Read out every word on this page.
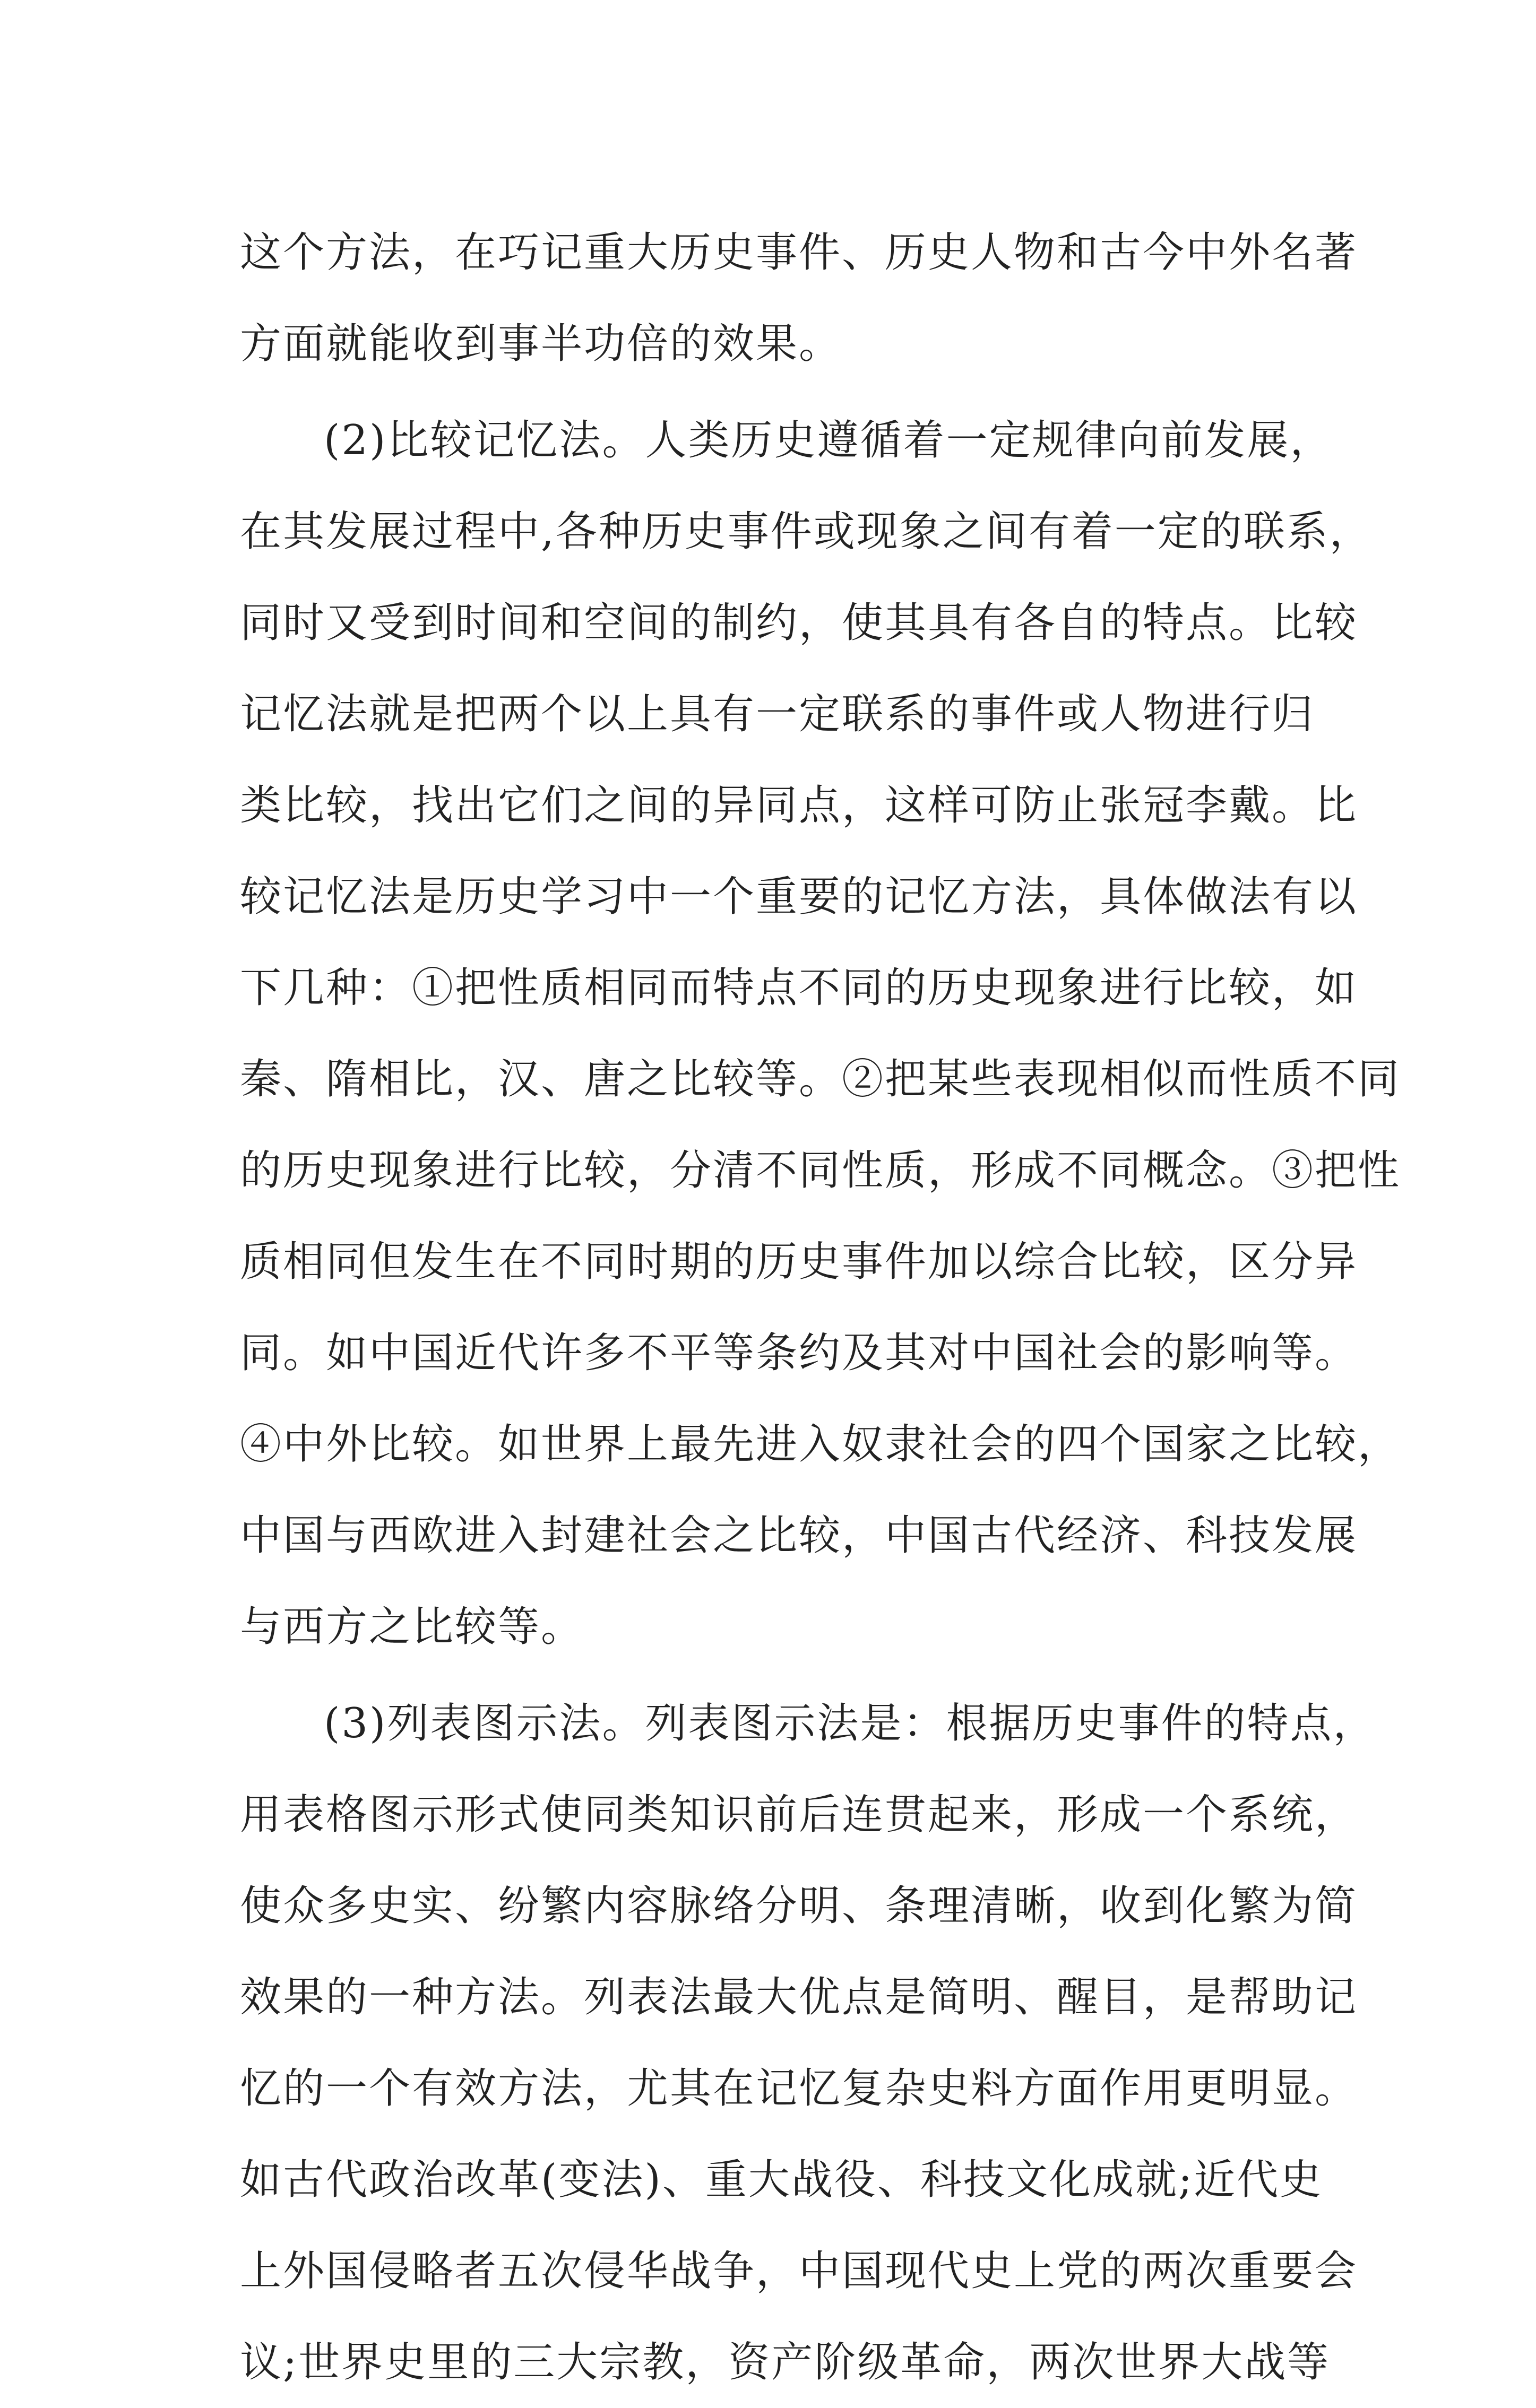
这个方法，在巧记重大历史事件、历史人物和古今中外名著
方面就能收到事半功倍的效果。
(2)比较记忆法。人类历史遵循着一定规律向前发展，
在其发展过程中,各种历史事件或现象之间有着一定的联系，
同时又受到时间和空间的制约，使其具有各自的特点。比较
记忆法就是把两个以上具有一定联系的事件或人物进行归
类比较，找出它们之间的异同点，这样可防止张冠李戴。比
较记忆法是历史学习中一个重要的记忆方法，具体做法有以
下几种：①把性质相同而特点不同的历史现象进行比较，如
秦、隋相比，汉、唐之比较等。②把某些表现相似而性质不同
的历史现象进行比较，分清不同性质，形成不同概念。③把性
质相同但发生在不同时期的历史事件加以综合比较，区分异
同。如中国近代许多不平等条约及其对中国社会的影响等。
④中外比较。如世界上最先进入奴隶社会的四个国家之比较，
中国与西欧进入封建社会之比较，中国古代经济、科技发展
与西方之比较等。
(3)列表图示法。列表图示法是：根据历史事件的特点，
用表格图示形式使同类知识前后连贯起来，形成一个系统，
使众多史实、纷繁内容脉络分明、条理清晰，收到化繁为简
效果的一种方法。列表法最大优点是简明、醒目，是帮助记
忆的一个有效方法，尤其在记忆复杂史料方面作用更明显。
如古代政治改革(变法)、重大战役、科技文化成就;近代史
上外国侵略者五次侵华战争，中国现代史上党的两次重要会
议;世界史里的三大宗教，资产阶级革命，两次世界大战等
